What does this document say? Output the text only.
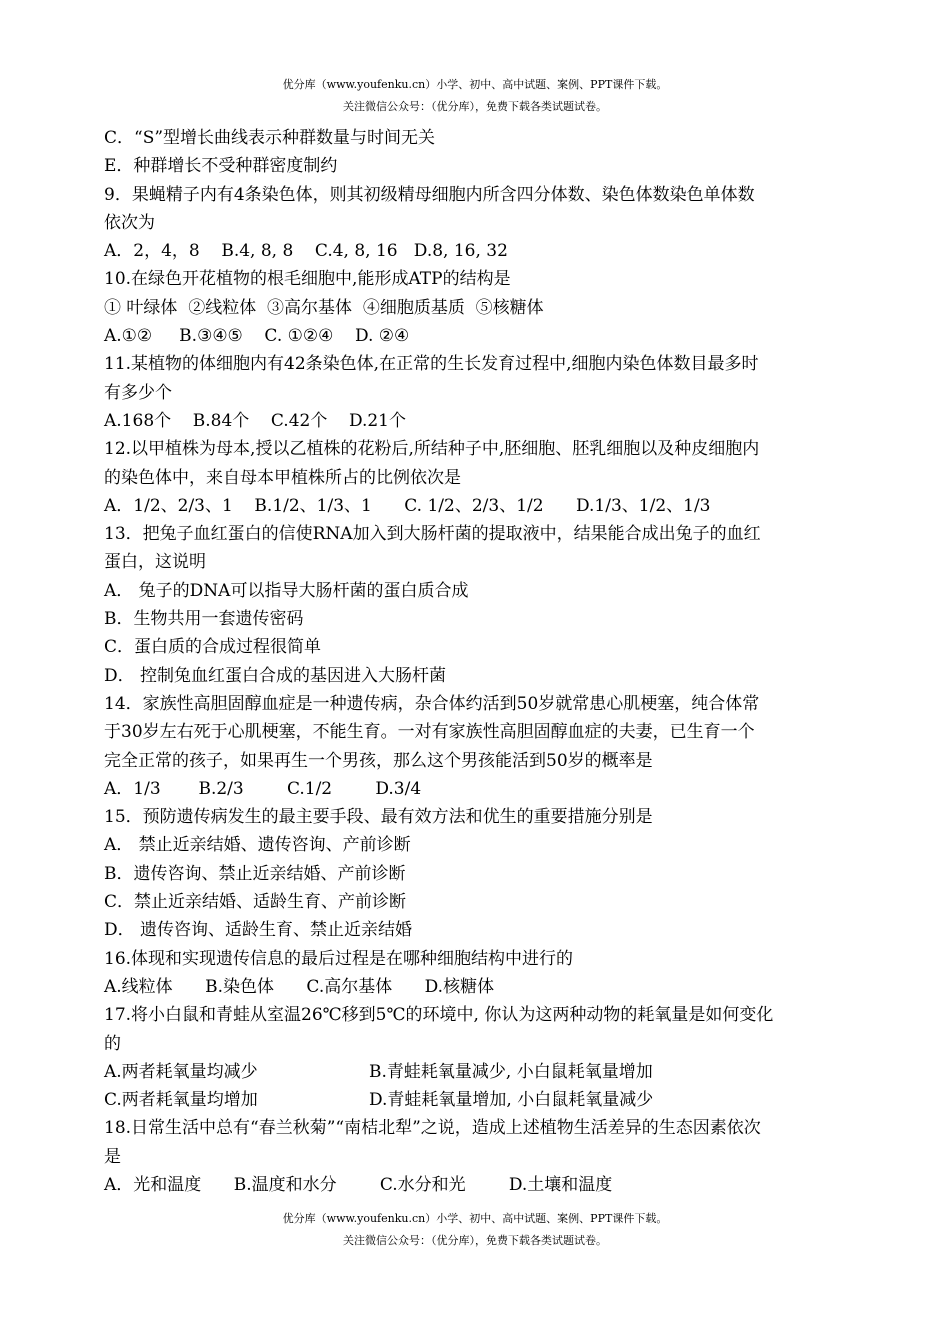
优分库（www.youfenku.cn）小学、初中、高中试题、案例、PPT课件下载。
关注微信公众号：（优分库），免费下载各类试题试卷。
C．“S”型增长曲线表示种群数量与时间无关
E．种群增长不受种群密度制约
9．果蝇精子内有4条染色体，则其初级精母细胞内所含四分体数、染色体数染色单体数
依次为
A．2，4，8    B.4, 8, 8    C.4, 8, 16   D.8, 16, 32
10.在绿色开花植物的根毛细胞中,能形成ATP的结构是
① 叶绿体  ②线粒体  ③高尔基体  ④细胞质基质  ⑤核糖体
A.①②     B.③④⑤    C. ①②④    D. ②④
11.某植物的体细胞内有42条染色体,在正常的生长发育过程中,细胞内染色体数目最多时
有多少个
A.168个    B.84个    C.42个    D.21个
12.以甲植株为母本,授以乙植株的花粉后,所结种子中,胚细胞、胚乳细胞以及种皮细胞内
的染色体中，来自母本甲植株所占的比例依次是
A．1/2、2/3、1    B.1/2、1/3、1      C. 1/2、2/3、1/2      D.1/3、1/2、1/3
13．把兔子血红蛋白的信使RNA加入到大肠杆菌的提取液中，结果能合成出兔子的血红
蛋白，这说明
A． 兔子的DNA可以指导大肠杆菌的蛋白质合成
B．生物共用一套遗传密码
C．蛋白质的合成过程很简单
D． 控制兔血红蛋白合成的基因进入大肠杆菌
14．家族性高胆固醇血症是一种遗传病，杂合体约活到50岁就常患心肌梗塞，纯合体常
于30岁左右死于心肌梗塞，不能生育。一对有家族性高胆固醇血症的夫妻，已生育一个
完全正常的孩子，如果再生一个男孩，那么这个男孩能活到50岁的概率是
A．1/3       B.2/3        C.1/2        D.3/4
15．预防遗传病发生的最主要手段、最有效方法和优生的重要措施分别是
A． 禁止近亲结婚、遗传咨询、产前诊断
B．遗传咨询、禁止近亲结婚、产前诊断
C．禁止近亲结婚、适龄生育、产前诊断
D． 遗传咨询、适龄生育、禁止近亲结婚
16.体现和实现遗传信息的最后过程是在哪种细胞结构中进行的
A.线粒体      B.染色体      C.高尔基体      D.核糖体
17.将小白鼠和青蛙从室温26℃移到5℃的环境中, 你认为这两种动物的耗氧量是如何变化
的
A.两者耗氧量均减少	B.青蛙耗氧量减少, 小白鼠耗氧量增加
C.两者耗氧量均增加	D.青蛙耗氧量增加, 小白鼠耗氧量减少
18.日常生活中总有“春兰秋菊”“南桔北犁”之说，造成上述植物生活差异的生态因素依次
是
A．光和温度      B.温度和水分        C.水分和光        D.土壤和温度
优分库（www.youfenku.cn）小学、初中、高中试题、案例、PPT课件下载。
关注微信公众号：（优分库），免费下载各类试题试卷。
